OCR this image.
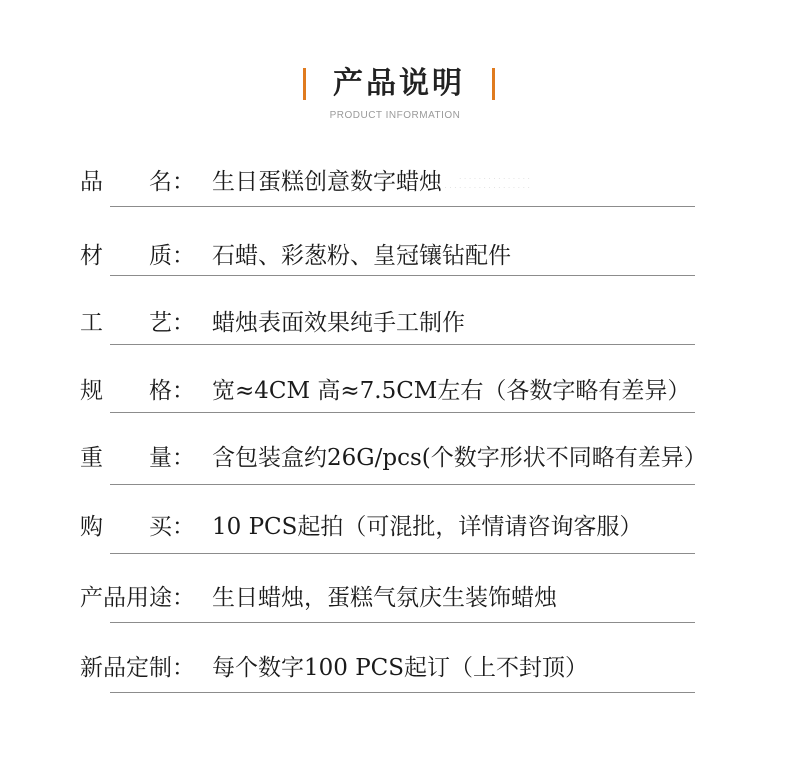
产品说明
PRODUCT INFORMATION
· · · · · · · · · · · · · · ·
· · · · · · · · · · · · · · · · · ·
品　　名： 生日蛋糕创意数字蜡烛
材　　质： 石蜡、彩葱粉、皇冠镶钻配件
工　　艺： 蜡烛表面效果纯手工制作
规　　格： 宽≈4CM 高≈7.5CM左右（各数字略有差异）
重　　量： 含包装盒约26G/pcs(个数字形状不同略有差异）
购　　买： 10 PCS起拍（可混批，详情请咨询客服）
产品用途： 生日蜡烛，蛋糕气氛庆生装饰蜡烛
新品定制： 每个数字100 PCS起订（上不封顶）
